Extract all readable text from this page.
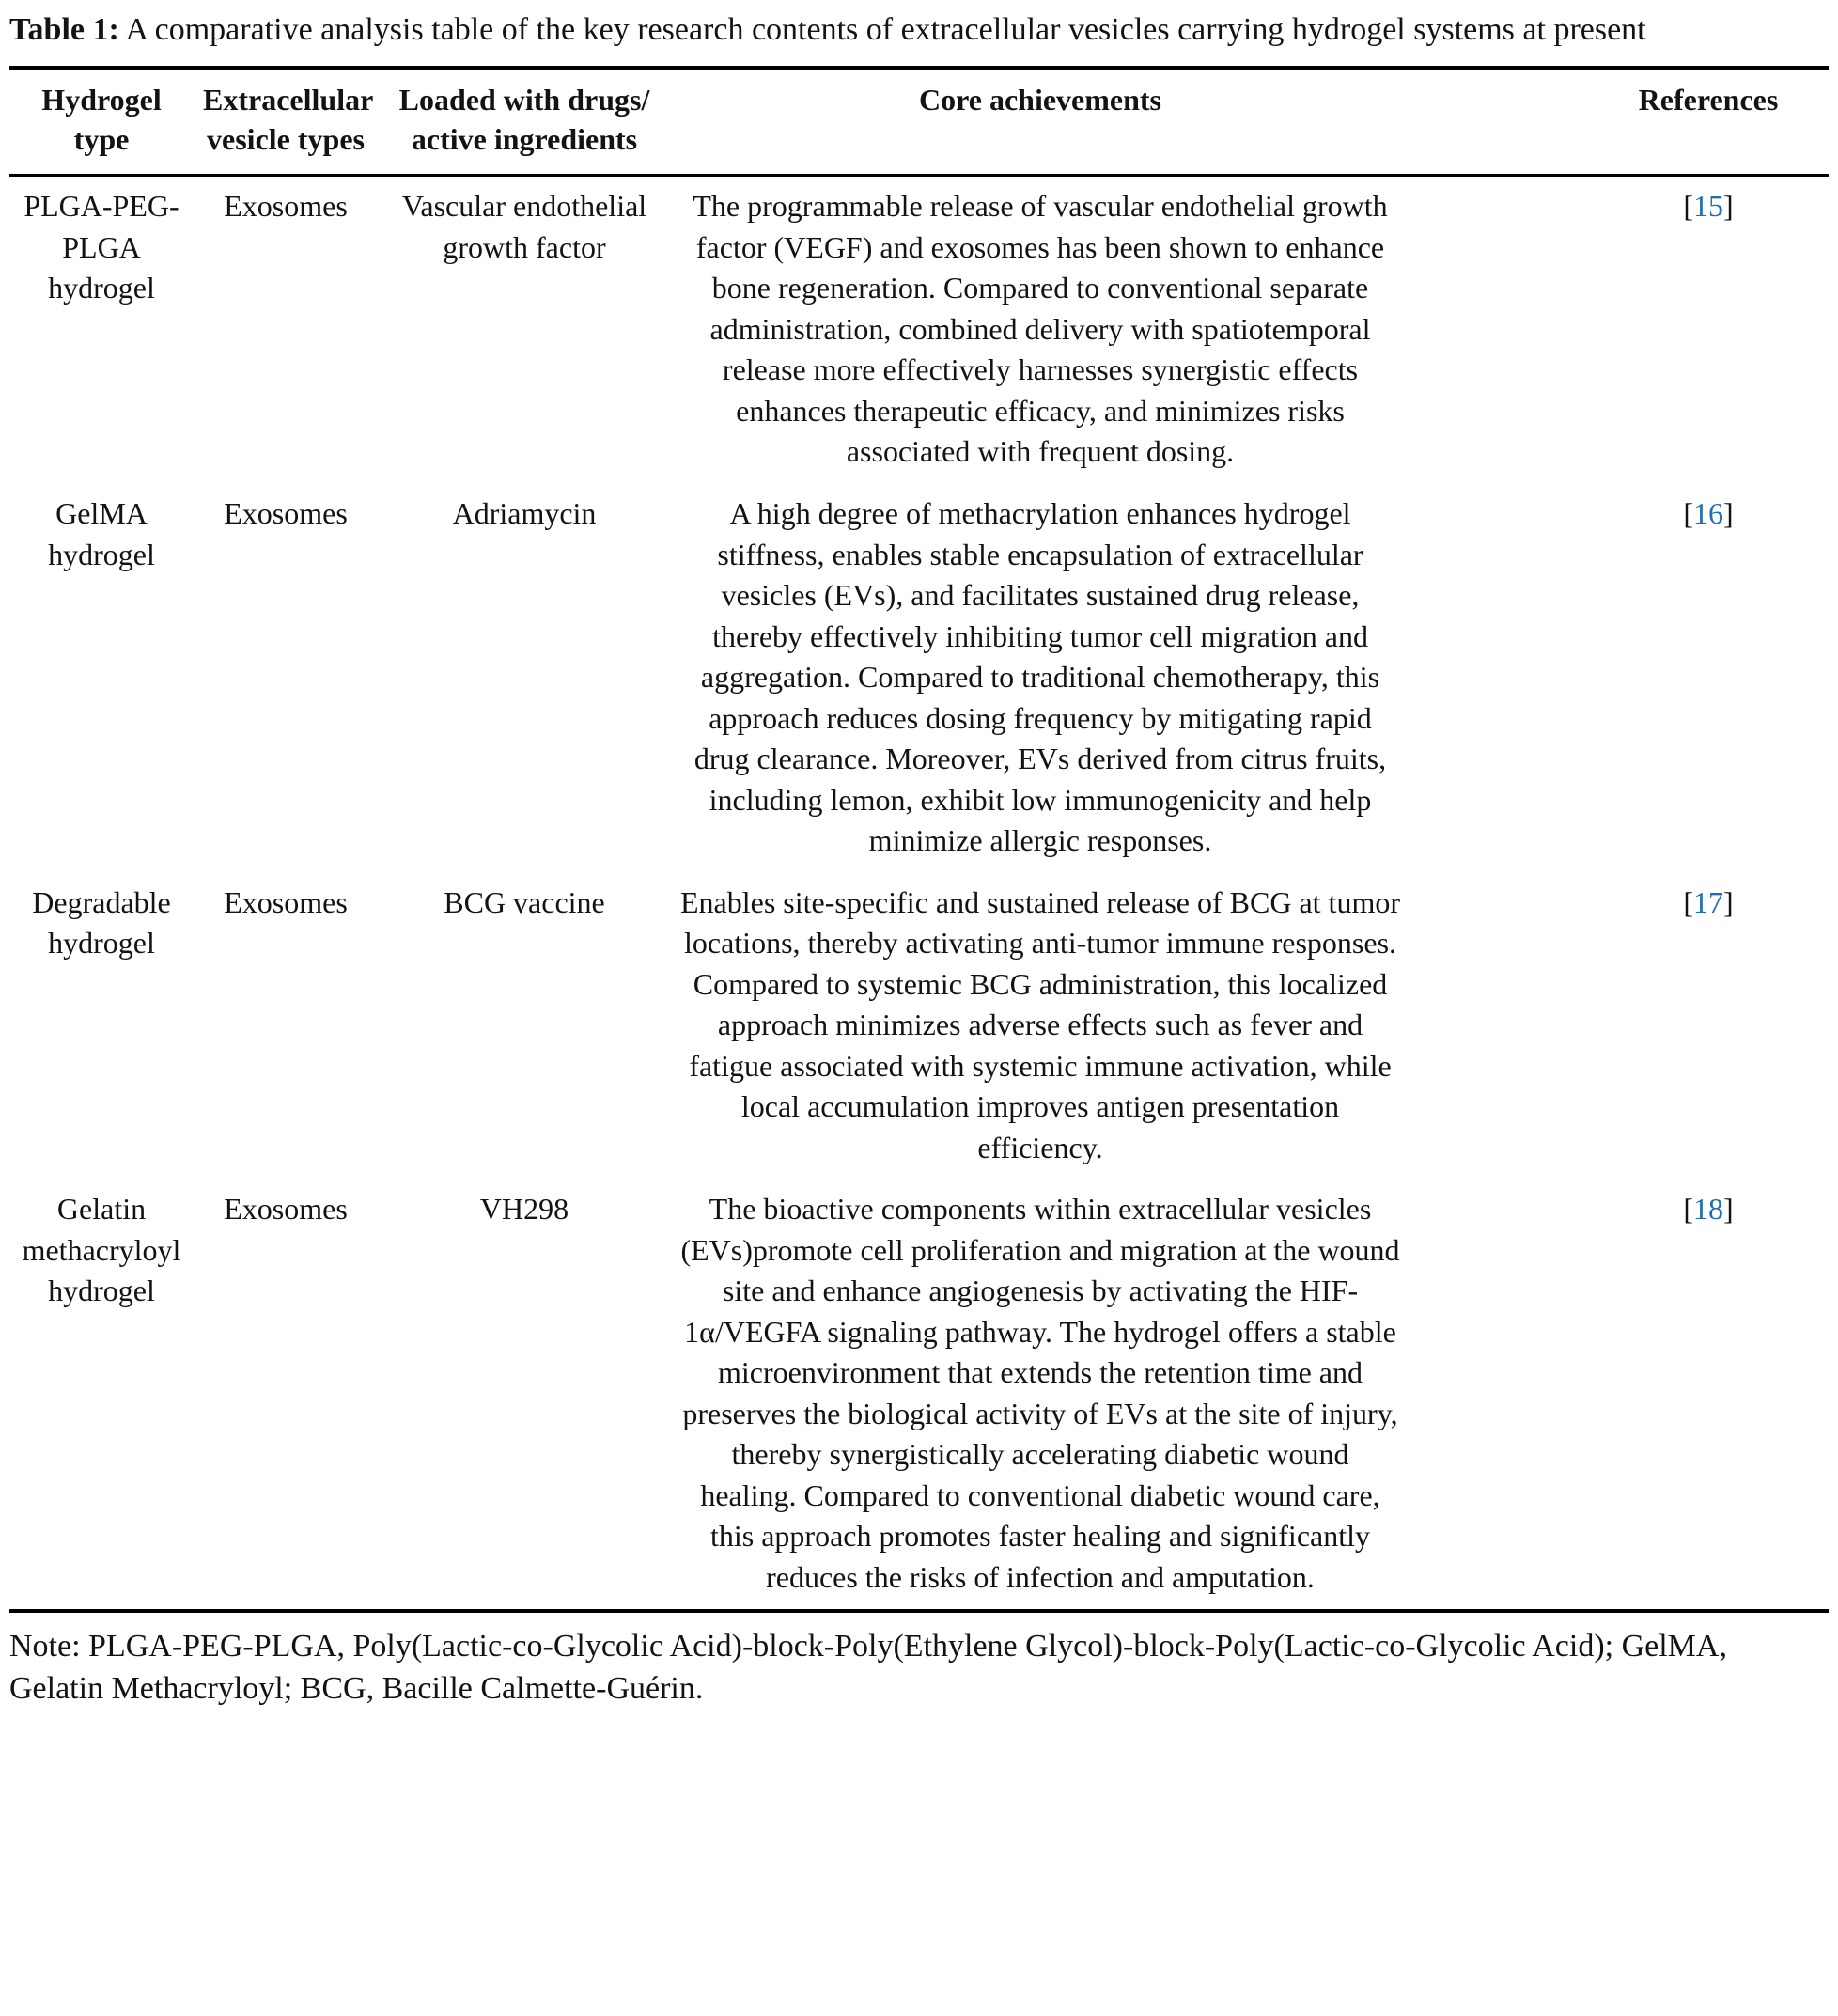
Table 1: A comparative analysis table of the key research contents of extracellular vesicles carrying hydrogel systems at present

Hydrogel type	Extracellular vesicle types	Loaded with drugs/ active ingredients	Core achievements	References
PLGA-PEG-PLGA hydrogel	Exosomes	Vascular endothelial growth factor	The programmable release of vascular endothelial growth factor (VEGF) and exosomes has been shown to enhance bone regeneration. Compared to conventional separate administration, combined delivery with spatiotemporal release more effectively harnesses synergistic effects enhances therapeutic efficacy, and minimizes risks associated with frequent dosing.	[15]
GelMA hydrogel	Exosomes	Adriamycin	A high degree of methacrylation enhances hydrogel stiffness, enables stable encapsulation of extracellular vesicles (EVs), and facilitates sustained drug release, thereby effectively inhibiting tumor cell migration and aggregation. Compared to traditional chemotherapy, this approach reduces dosing frequency by mitigating rapid drug clearance. Moreover, EVs derived from citrus fruits, including lemon, exhibit low immunogenicity and help minimize allergic responses.	[16]
Degradable hydrogel	Exosomes	BCG vaccine	Enables site-specific and sustained release of BCG at tumor locations, thereby activating anti-tumor immune responses. Compared to systemic BCG administration, this localized approach minimizes adverse effects such as fever and fatigue associated with systemic immune activation, while local accumulation improves antigen presentation efficiency.	[17]
Gelatin methacryloyl hydrogel	Exosomes	VH298	The bioactive components within extracellular vesicles (EVs)promote cell proliferation and migration at the wound site and enhance angiogenesis by activating the HIF-1α/VEGFA signaling pathway. The hydrogel offers a stable microenvironment that extends the retention time and preserves the biological activity of EVs at the site of injury, thereby synergistically accelerating diabetic wound healing. Compared to conventional diabetic wound care, this approach promotes faster healing and significantly reduces the risks of infection and amputation.	[18]

Note: PLGA-PEG-PLGA, Poly(Lactic-co-Glycolic Acid)-block-Poly(Ethylene Glycol)-block-Poly(Lactic-co-Glycolic Acid); GelMA, Gelatin Methacryloyl; BCG, Bacille Calmette-Guérin.
